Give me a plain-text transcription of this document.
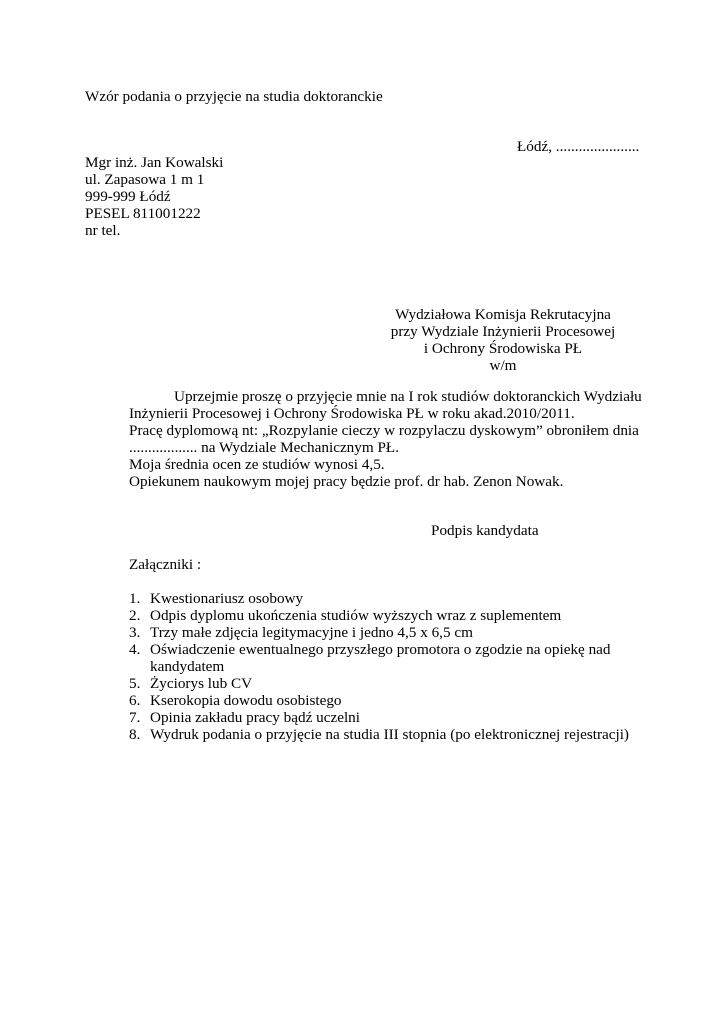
Wzór podania o przyjęcie na studia doktoranckie
Łódź, ......................
Mgr inż. Jan Kowalski
ul. Zapasowa 1 m 1
999-999 Łódź
PESEL 811001222
nr tel.
Wydziałowa Komisja Rekrutacyjna
przy Wydziale Inżynierii Procesowej
i Ochrony Środowiska PŁ
w/m
Uprzejmie proszę o przyjęcie mnie na I rok studiów doktoranckich Wydziału
Inżynierii Procesowej i Ochrony Środowiska PŁ w roku akad.2010/2011.
Pracę dyplomową nt: „Rozpylanie cieczy w rozpylaczu dyskowym” obroniłem dnia
.................. na Wydziale Mechanicznym PŁ.
Moja średnia ocen ze studiów wynosi 4,5.
Opiekunem naukowym mojej pracy będzie prof. dr hab. Zenon Nowak.
Podpis kandydata
Załączniki :
1. Kwestionariusz osobowy
2. Odpis dyplomu ukończenia studiów wyższych wraz z suplementem
3. Trzy małe zdjęcia legitymacyjne i jedno 4,5 x 6,5 cm
4. Oświadczenie ewentualnego przyszłego promotora o zgodzie na opiekę nad
kandydatem
5. Życiorys lub CV
6. Kserokopia dowodu osobistego
7. Opinia zakładu pracy bądź uczelni
8. Wydruk podania o przyjęcie na studia III stopnia (po elektronicznej rejestracji)
